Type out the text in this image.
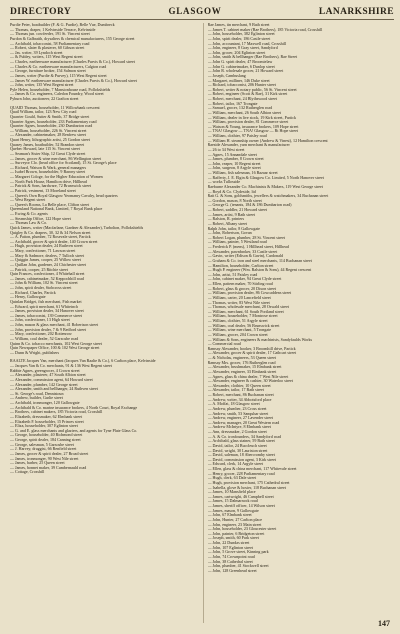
DIRECTORY	GLASGOW	LANARKSHIRE
Purdie Peter, boatbuilder (F. & G. Purdie), Belle Vue, Dumbreck
— Thomas, draper, 1 Kelvinside Terrace, Kelvinside
— Thomas jun. cowfeeder, 191 St. Vincent street
Purdon & Galbraith, drysalters & chemical manufacturers, 155 George street
— Archibald, tobacconist, 58 Parliamentary road
— Robert, slater & plasterer, 60 Gibson street
— Jas. writer, 39 Lyndoch street
— & Publey, writers, 115 West Regent street
— Charles, earthenware manufacturer (Charles Purvis & Co.), Howard street
— Charles & Co. earthenware manufacturers, Calgton road
— George, furniture broker, 154 Salmon street
— James, writer (Purdie & Purvey), 115 West Regent street
— James W. earthenware manufacturer (Charles Purvis & Co.), Howard street
— John, writer, 135 West Regent street
Pyle Helen, householder, 7 Mansionhouse road, Pollokshields
— James & Co. engineers, Caledon Foundry, Wood street
Pyburn John, auctioneer, 22 Grafton street
QUAID Thomas, householder, 11 Willowbank crescent
Quail William, tailor, 123 New City road
Quarrier Gould, Sutter & Smith, 37 Bridge street
Quarrier Agnes, householder, 233 Parliamentary road
Quarrier Agnes, householder, 230 Dumbarton road
— William, householder, 226 St. Vincent street
— Alexander, cabinetmaker, 28 Renfrew street
Quart Henry, lithographic artist, 25 Gordon street
Quasey James, boatbuilder, 52 Brandon street
Quebec Howard, late 115 St. Vincent street
— Seaman's Sister Ship, 12 Great Clyde street
— James, grocer & wine merchant, 86 Wellington street
— Surveyor Clo. (head office for Scotland), 15 St. George's place
— Richard, Watson & Wark, general managers
— Isabel Brown, householder, 9 Barony street
— Margaret Cologe, for the Higher Education of Women
— North Park House, Hamilton drive, Hillhead
— Patrick & Sons, hardware, 72 Brunswick street
— Patrick, vestment, 13 Moreland street
— Queen's Own Royal Glasgow Yeomanry Cavalry, head quarters
— West Regent street
— Queen's Rooms, La Belle place, Clifton street
Queensland National Bank, Limited, 7 Royal Bank place
— Ewing & Co. agents
— Steamship Office, 122 Hope street
— Thomas Law & Co.
Quick James, writer (Macfarlane, Gardner & Alexander), Tarbolton, Pollokshields
Quigley & Co. drapers, 30, 32 & 34 Nelson street
— A. Patton, plumber, 72 Rosevale street, Partick
— Archibald, grocer & spirit dealer, 140 Crown street
— Hugh, provision dealer, 24 Ruthven street
— Mary, confectioner, 71 Lawson street
— Mary & Sadmore, dealers, 7 Tulloch street
— Quiggin James, cooper, 25 Willow street
— Quillan John, gardener, 24 Chichester street
— Patrick, cooper, 25 Ritchie street
Quin Frances, confectioner, 4 Whitehall street
— James, cabinetmaker, 52 Keppochhill road
— John & William, 102 St. Vincent street
— John, spirit dealer, Stobcross street
— Richard, Charles, Partick
— Henry, Gallowgate
Quinlan Bridget, fish merchant, Fish market
— Edward, spirit merchant, 61 Whiteinch
— James, provision dealer, 34 Hanover street
— James, tobacconist, 139 Commerce street
— John, confectioner, 13 High street
— John, mason & glass merchant, 41 Robertson street
— John, provision dealer, 7 & 9 Bedford street
— Mary, confectioner, 202 Rottenrow
— William, coal dealer, 52 Garscube road
Quinn & Co. tobacco merchants, 102 West George street
Quin Newspaper Office, 100 & 102 West George street
— Dunn & Wright, publishers
RAALTE Jacques Van, merchant (Jacques Van Raalte & Co.), 6 Carlton place, Kelvinside
— Jacques Van & Co. merchants, 91 & 136 West Regent street
Rabbie Agnes, greengrocer, 4 Crown street
— Alexander, plasterer, 47 South Albion street
— Alexander, commission agent, 64 Howard street
— Alexander, plumber, 142 George street
— Alexander, smith and bellhanger, 24 Ruthven street
— St. George's road, Dennistoun
— Andrew, builder, Garlie street
— Archibald, ironmonger, 120 Gallowgate
— Archibald & Co. marine insurance brokers, 4 North Court, Royal Exchange
— Brothers, cabinet makers, 185 Victoria road, Crosshill
— Elizabeth, dressmaker, 62 Elmbank street
— Elizabeth F. householder, 15 Princes street
— Eliza, householder, 307 Eglinton street
— G. and E. glass merchants and glaziers, and agents for Tyne Plate Glass Co.
— George, householder, 40 Richmond street
— George, spirit dealer, 184 Canning street
— George, salesman, 5 Garscube street
— J. Harvey, druggist, 66 Renfield street
— James, grocer & spirit dealer, 27 Broad street
— James, ironmonger, 90 West Nile street
— James, barber, 25 Queen street
— James, bonnet maker, 39 Cumbernauld road
— Cottage, Crosshill
Rae James, tin merchant, 9 Bath street
— James T. cabinet maker (Rae Brothers), 185 Victoria road, Crosshill
— John, householder, 382 Eglinton street
— John, spirit dealer, 186 Castle street
— John, accountant, 17 Maxwell road, Crosshill
— John, engineer, 8 Gray street, Sandyford
— John, grocer, 204 Eglinton street
— John, smith & bellhanger (Rae Brothers), Rae Street
— John G. spirit dealer, 47 Broomielaw
— John G. cabinetmaker, 6 Dunlop street
— John R. wholesale grocer, 21 Howard street
— Joseph, Cambuslang
— Margaret, milliner, 146 Duke street
— Richard, tobacconist, 206 Hunter street
— Robert, writer & notary public, 56 St. Vincent street
— Robert, engineer (Scott & Rae), 31 Kirk street
— Robert, merchant, 24 Blythswood street
— Robert, tailor, 167 Trongate
— Samuel, grocer, 132 Rutherglen road
— William, merchant, 26 South Albion street
— William, dealer in live stock, 19 Kirk street, Partick
— William, provision dealer, 81 Commerce street
— Watson & Young, insurance brokers, 109 Hope street
— TNA! Glasgow — TNA! Glasgow — Rt Hope street
— William, clothier, 97 Paisley road
— William H. steamship owner (Andrew & Vinest), 12 Hamilton crescent
Raeside Alexander, yarn merchant & manufacturer
— 26 to 34 West street
— Agnes, 15 Annandale street
— James, plumber, 8 Crown street
— John, reaper, 10 Regent street
— John, surgeon, 8 Argyle street
— William, fish salesman, 16 Bazaar street
— Rafferty, J. E. Elgin & Glasgow Co. Limited, 5 North Hanover street
— works Tullosside
Raeburne Alexander Co. Machinists & Makers, 119 West George street
— Boyd & Co. Clydeside, ltd
Rait G. & Sons, goldsmiths, jewellers & watchmakers, 34 Buchanan street
— Gordon, mason, 8 North street
— George G. (tenants, 184 & 186 Dumbarton road)
— Robert, saddler, 21 Howard street
— James, artist, 9 Bath street
— Ralston, R. printers
— Robert, Albany street
Ralph John, tailor, 8 Gallowgate
— John, Robertson, Govan
— Robert Logan, plumber, 28 St. Vincent street
— William, painter, 5 Westland road
— Frederick P. (mens), 1 Hillhead street, Hillhead
— Alexander, pawnbroker, 33 Castle street
— Gavin, writer (Edison & Gavin), Cardonald
— Graham & Co. iron and steel merchants, 114 Buchanan street
— Hamilton, householder, Carlton street
— Hugh P. engineer (Wm. Ralston & Sons), 44 Regent crescent
— John, artist, 51 Paisley road
— John, cabinet maker, 94 Great Clyde street
— Ellen, pattern maker, 70 Stirling road
— Robert, glass & grocer, 20 Dixon street
— William, provision dealer, 86 Cowcaddens street
— William, carter, 20 Lancefield street
— Thomas, writer, 83 West Nile street
— Thomas, wholesale merchant, 28 Oswald street
— William, merchant, 61 South Portland street
— William, householder, 7 Montrose street
— William, clothier, 51 Argyle street
— William, coal dealer, 56 Brunswick street
— William, wine merchant, 5 Trongate
— William, grocer, 204 Crown street
— William & Sons, engineers & machinists, Sandyfaulds Works
— Commercial road
Ramsay Alexander, hooker, 3 Broomhill drive, Partick
— Alexander, grocer & spirit dealer, 17 Cathcart street
— & Nicholas, engineers, 53 Queen street
Ramsay Mrs. grocer, 176 Rutherglen road
— Alexander, brushmaker, 15 Elmbank street
— Alexander, engineer, 33 Elmbank street
— Agnes, glass & china dealer, 7 West Nile street
— Alexander, engineer & cashier, 30 Waterloo street
— Alexander, clothier, 10 Queen street
— Alexander, tailor, 17 Bath street
— Robert, merchant, 86 Buchanan street
— Andrew, writer, 34 Abbotsford place
— A. Moffat, 18 Glasgow street
— Andrew, plumber, 23 Cross street
— Andrew, smith, 53 Sanquhar street
— Andrew, engineer, 27 Lavender street
— Andrew, manager, 20 Great Western road
— Andrew McIntyre, 8 Elmbank street
— Ann, dressmaker, 2 Gordon street
— A. & Co. ironfounders, 34 Sandyford road
— Archibald, glass stainer, 59 Bath street
— David, tailor, 24 Buccleuch street
— David, wright, 30 Lauriston street
— David, saleman, 18 Abercromby street
— David, commission agent, 3 Kirk street
— Edward, clerk, 14 Argyle street
— Ellen, glass & china merchant, 117 Whitevale street
— Henry, grocer, 228 Parliamentary road
— Hugh, clerk, 63 Dale street
— Hugh, provision merchant, 175 Cathedral street
— Isabella, glove & hosier, 118 Buchanan street
— James, 10 Mansfield place
— James, cartwright, 46 Campbell street
— James, 15 Dalmarnock road
— James, sheriff officer, 14 Wilson street
— James, mason, 9 Gallowgate
— John, 67 Elmbank street
— John, Hunter, 27 Carlton place
— John, engineer, 23 Main street
— John, householder, 23 Gloucester street
— John, painter, 6 Bridgeton street
— Joseph, smith, 60 Park street
— John, 22 Dundas street
— John, 107 Eglinton street
— John, 5 Grove street, Kinning park
— John, 74 Crownpoint road
— John, 38 Cathedral street
— John, plumber, 41 Stockwell street
— John, 128 Greenhead street
147
